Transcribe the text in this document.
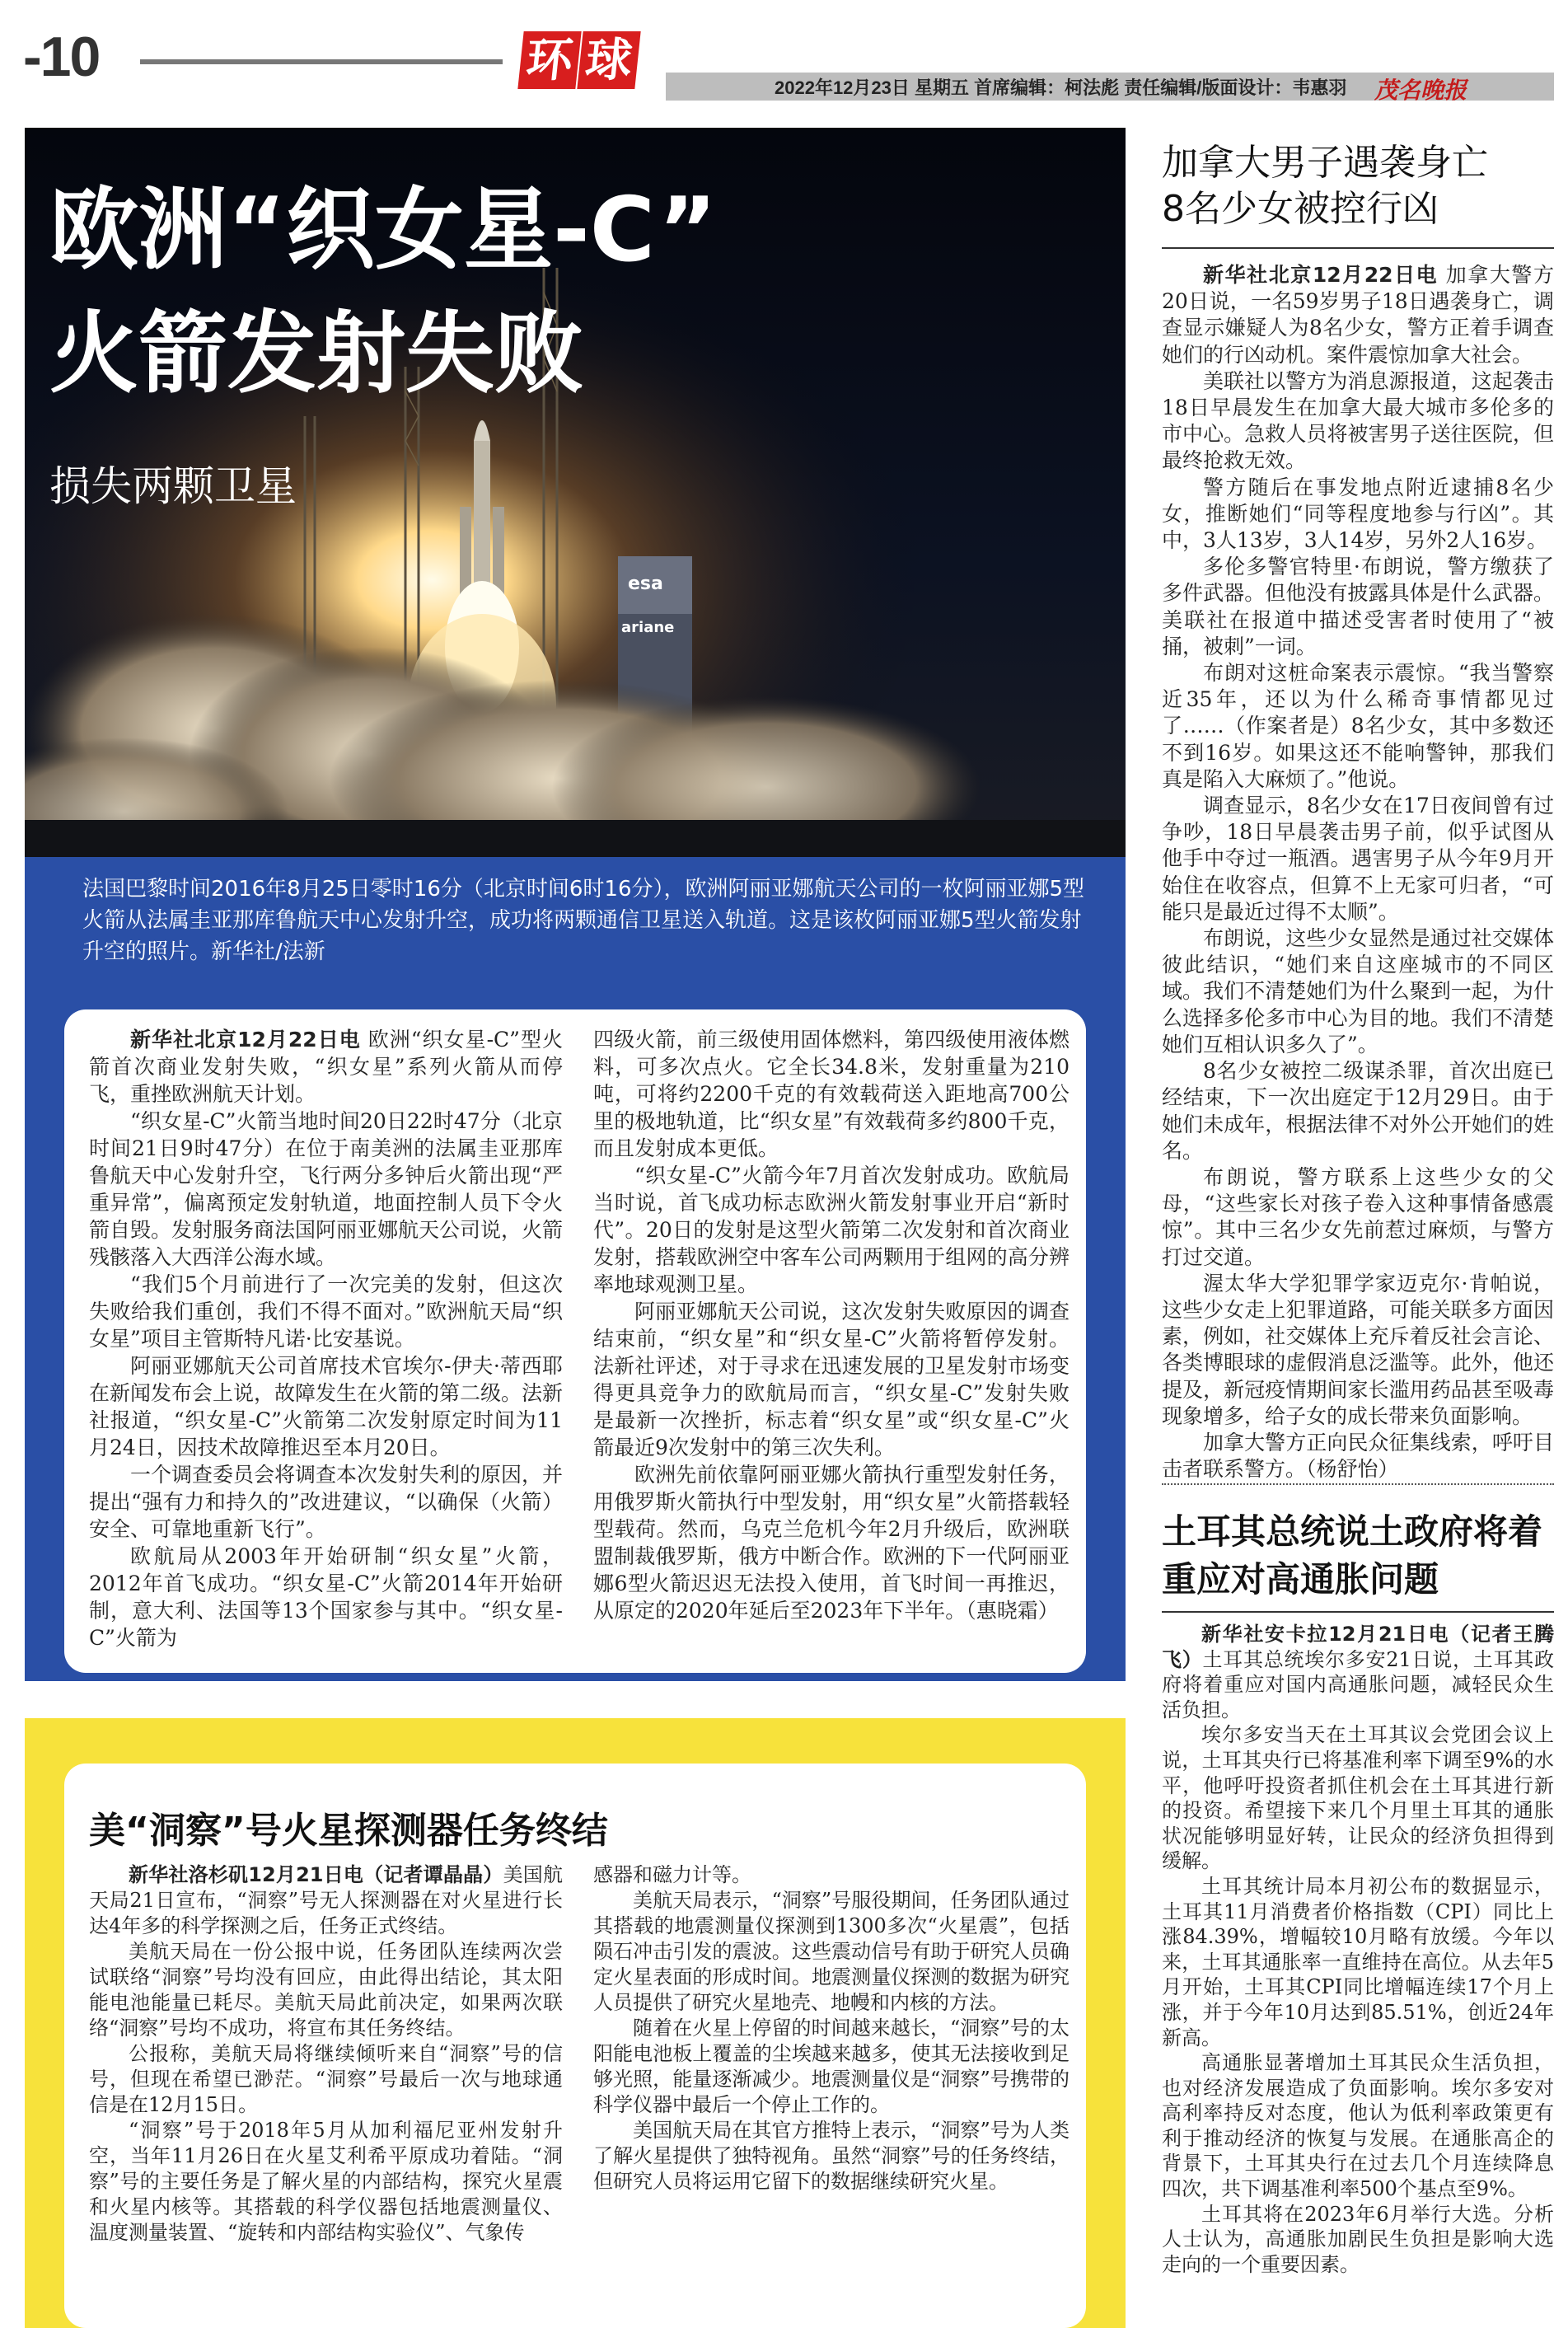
-10	环 球
2022年12月23日 星期五 首席编辑：柯法彪 责任编辑/版面设计：韦惠羽 茂名晚报
esa
ariane
欧洲“织女星-C”
火箭发射失败
损失两颗卫星
法国巴黎时间2016年8月25日零时16分（北京时间6时16分），欧洲阿丽亚娜航天公司的一枚阿丽亚娜5型火箭从法属圭亚那库鲁航天中心发射升空，成功将两颗通信卫星送入轨道。这是该枚阿丽亚娜5型火箭发射升空的照片。新华社/法新

新华社北京12月22日电 欧洲“织女星-C”型火箭首次商业发射失败，“织女星”系列火箭从而停飞，重挫欧洲航天计划。

“织女星-C”火箭当地时间20日22时47分（北京时间21日9时47分）在位于南美洲的法属圭亚那库鲁航天中心发射升空，飞行两分多钟后火箭出现“严重异常”，偏离预定发射轨道，地面控制人员下令火箭自毁。发射服务商法国阿丽亚娜航天公司说，火箭残骸落入大西洋公海水域。

“我们5个月前进行了一次完美的发射，但这次失败给我们重创，我们不得不面对。”欧洲航天局“织女星”项目主管斯特凡诺·比安基说。

阿丽亚娜航天公司首席技术官埃尔-伊夫·蒂西耶在新闻发布会上说，故障发生在火箭的第二级。法新社报道，“织女星-C”火箭第二次发射原定时间为11月24日，因技术故障推迟至本月20日。

一个调查委员会将调查本次发射失利的原因，并提出“强有力和持久的”改进建议，“以确保（火箭）安全、可靠地重新飞行”。

欧航局从2003年开始研制“织女星”火箭，2012年首飞成功。“织女星-C”火箭2014年开始研制，意大利、法国等13个国家参与其中。“织女星-C”火箭为

四级火箭，前三级使用固体燃料，第四级使用液体燃料，可多次点火。它全长34.8米，发射重量为210吨，可将约2200千克的有效载荷送入距地高700公里的极地轨道，比“织女星”有效载荷多约800千克，而且发射成本更低。

“织女星-C”火箭今年7月首次发射成功。欧航局当时说，首飞成功标志欧洲火箭发射事业开启“新时代”。20日的发射是这型火箭第二次发射和首次商业发射，搭载欧洲空中客车公司两颗用于组网的高分辨率地球观测卫星。

阿丽亚娜航天公司说，这次发射失败原因的调查结束前，“织女星”和“织女星-C”火箭将暂停发射。法新社评述，对于寻求在迅速发展的卫星发射市场变得更具竞争力的欧航局而言，“织女星-C”发射失败是最新一次挫折，标志着“织女星”或“织女星-C”火箭最近9次发射中的第三次失利。

欧洲先前依靠阿丽亚娜火箭执行重型发射任务，用俄罗斯火箭执行中型发射，用“织女星”火箭搭载轻型载荷。然而，乌克兰危机今年2月升级后，欧洲联盟制裁俄罗斯，俄方中断合作。欧洲的下一代阿丽亚娜6型火箭迟迟无法投入使用，首飞时间一再推迟，从原定的2020年延后至2023年下半年。（惠晓霜）

美“洞察”号火星探测器任务终结

新华社洛杉矶12月21日电（记者谭晶晶）美国航天局21日宣布，“洞察”号无人探测器在对火星进行长达4年多的科学探测之后，任务正式终结。

美航天局在一份公报中说，任务团队连续两次尝试联络“洞察”号均没有回应，由此得出结论，其太阳能电池能量已耗尽。美航天局此前决定，如果两次联络“洞察”号均不成功，将宣布其任务终结。

公报称，美航天局将继续倾听来自“洞察”号的信号，但现在希望已渺茫。“洞察”号最后一次与地球通信是在12月15日。

“洞察”号于2018年5月从加利福尼亚州发射升空，当年11月26日在火星艾利希平原成功着陆。“洞察”号的主要任务是了解火星的内部结构，探究火星震和火星内核等。其搭载的科学仪器包括地震测量仪、温度测量装置、“旋转和内部结构实验仪”、气象传

感器和磁力计等。

美航天局表示，“洞察”号服役期间，任务团队通过其搭载的地震测量仪探测到1300多次“火星震”，包括陨石冲击引发的震波。这些震动信号有助于研究人员确定火星表面的形成时间。地震测量仪探测的数据为研究人员提供了研究火星地壳、地幔和内核的方法。

随着在火星上停留的时间越来越长，“洞察”号的太阳能电池板上覆盖的尘埃越来越多，使其无法接收到足够光照，能量逐渐减少。地震测量仪是“洞察”号携带的科学仪器中最后一个停止工作的。

美国航天局在其官方推特上表示，“洞察”号为人类了解火星提供了独特视角。虽然“洞察”号的任务终结，但研究人员将运用它留下的数据继续研究火星。

加拿大男子遇袭身亡
8名少女被控行凶

新华社北京12月22日电 加拿大警方20日说，一名59岁男子18日遇袭身亡，调查显示嫌疑人为8名少女，警方正着手调查她们的行凶动机。案件震惊加拿大社会。

美联社以警方为消息源报道，这起袭击18日早晨发生在加拿大最大城市多伦多的市中心。急救人员将被害男子送往医院，但最终抢救无效。

警方随后在事发地点附近逮捕8名少女，推断她们“同等程度地参与行凶”。其中，3人13岁，3人14岁，另外2人16岁。

多伦多警官特里·布朗说，警方缴获了多件武器。但他没有披露具体是什么武器。美联社在报道中描述受害者时使用了“被捅，被刺”一词。

布朗对这桩命案表示震惊。“我当警察近35年，还以为什么稀奇事情都见过了……（作案者是）8名少女，其中多数还不到16岁。如果这还不能响警钟，那我们真是陷入大麻烦了。”他说。

调查显示，8名少女在17日夜间曾有过争吵，18日早晨袭击男子前，似乎试图从他手中夺过一瓶酒。遇害男子从今年9月开始住在收容点，但算不上无家可归者，“可能只是最近过得不太顺”。

布朗说，这些少女显然是通过社交媒体彼此结识，“她们来自这座城市的不同区域。我们不清楚她们为什么聚到一起，为什么选择多伦多市中心为目的地。我们不清楚她们互相认识多久了”。

8名少女被控二级谋杀罪，首次出庭已经结束，下一次出庭定于12月29日。由于她们未成年，根据法律不对外公开她们的姓名。

布朗说，警方联系上这些少女的父母，“这些家长对孩子卷入这种事情备感震惊”。其中三名少女先前惹过麻烦，与警方打过交道。

渥太华大学犯罪学家迈克尔·肯帕说，这些少女走上犯罪道路，可能关联多方面因素，例如，社交媒体上充斥着反社会言论、各类博眼球的虚假消息泛滥等。此外，他还提及，新冠疫情期间家长滥用药品甚至吸毒现象增多，给子女的成长带来负面影响。

加拿大警方正向民众征集线索，呼吁目击者联系警方。（杨舒怡）

土耳其总统说土政府将着重应对高通胀问题

新华社安卡拉12月21日电（记者王腾飞）土耳其总统埃尔多安21日说，土耳其政府将着重应对国内高通胀问题，减轻民众生活负担。

埃尔多安当天在土耳其议会党团会议上说，土耳其央行已将基准利率下调至9%的水平，他呼吁投资者抓住机会在土耳其进行新的投资。希望接下来几个月里土耳其的通胀状况能够明显好转，让民众的经济负担得到缓解。

土耳其统计局本月初公布的数据显示，土耳其11月消费者价格指数（CPI）同比上涨84.39%，增幅较10月略有放缓。今年以来，土耳其通胀率一直维持在高位。从去年5月开始，土耳其CPI同比增幅连续17个月上涨，并于今年10月达到85.51%，创近24年新高。

高通胀显著增加土耳其民众生活负担，也对经济发展造成了负面影响。埃尔多安对高利率持反对态度，他认为低利率政策更有利于推动经济的恢复与发展。在通胀高企的背景下，土耳其央行在过去几个月连续降息四次，共下调基准利率500个基点至9%。

土耳其将在2023年6月举行大选。分析人士认为，高通胀加剧民生负担是影响大选走向的一个重要因素。
